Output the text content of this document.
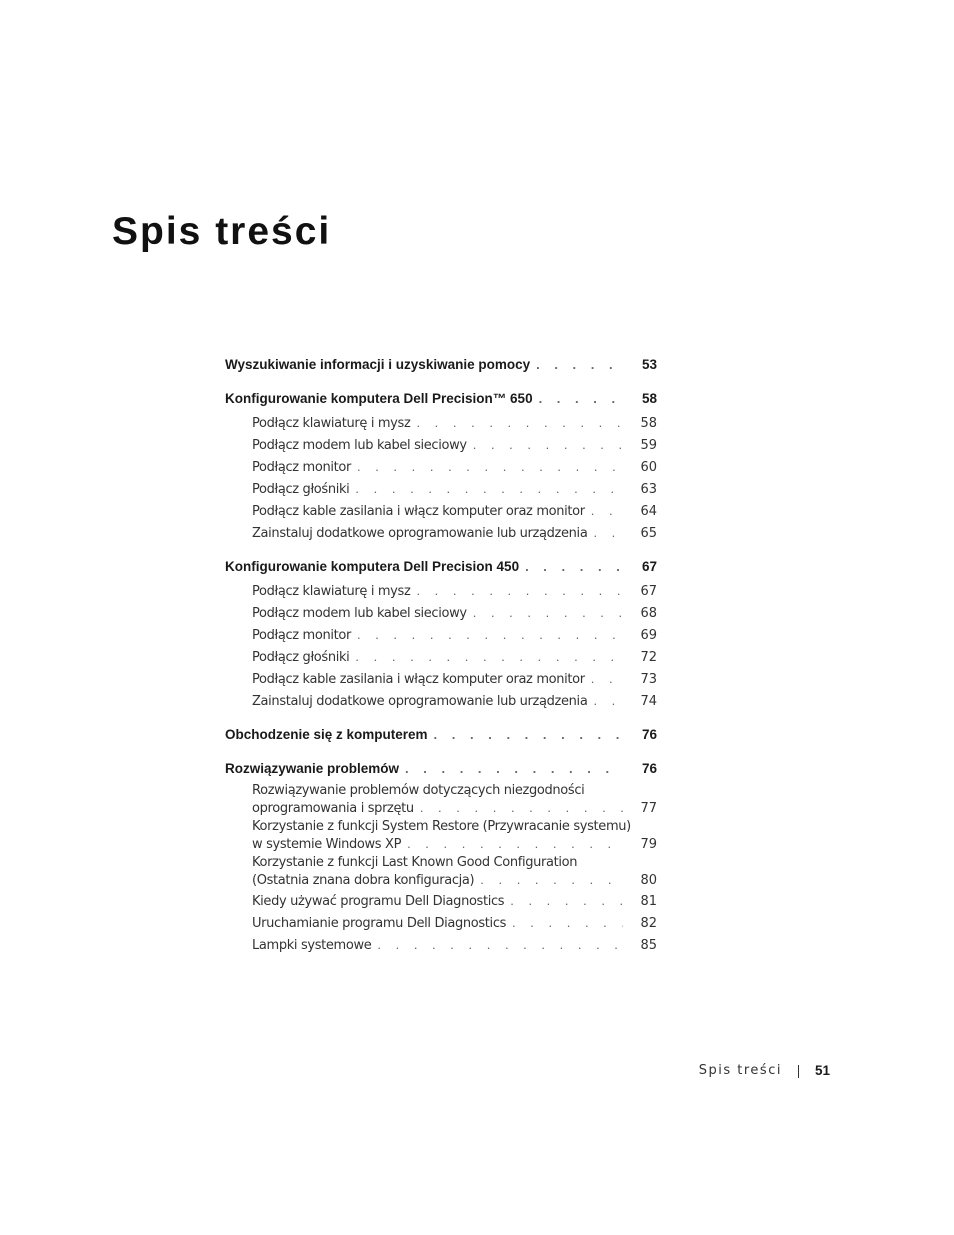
Spis treści
Wyszukiwanie informacji i uzyskiwanie pomocy . . .	53
Konfigurowanie komputera Dell Precision™ 650 . . .	58
Podłącz klawiaturę i mysz . . .	58
Podłącz modem lub kabel sieciowy . . .	59
Podłącz monitor . . .	60
Podłącz głośniki . . .	63
Podłącz kable zasilania i włącz komputer oraz monitor . . .	64
Zainstaluj dodatkowe oprogramowanie lub urządzenia . . .	65
Konfigurowanie komputera Dell Precision 450 . . .	67
Podłącz klawiaturę i mysz . . .	67
Podłącz modem lub kabel sieciowy . . .	68
Podłącz monitor . . .	69
Podłącz głośniki . . .	72
Podłącz kable zasilania i włącz komputer oraz monitor . . .	73
Zainstaluj dodatkowe oprogramowanie lub urządzenia . . .	74
Obchodzenie się z komputerem . . .	76
Rozwiązywanie problemów . . .	76
Rozwiązywanie problemów dotyczących niezgodności
oprogramowania i sprzętu . . .	77
Korzystanie z funkcji System Restore (Przywracanie systemu)
w systemie Windows XP . . .	79
Korzystanie z funkcji Last Known Good Configuration
(Ostatnia znana dobra konfiguracja) . . .	80
Kiedy używać programu Dell Diagnostics . . .	81
Uruchamianie programu Dell Diagnostics . . .	82
Lampki systemowe . . .	85
Spis treści 51
